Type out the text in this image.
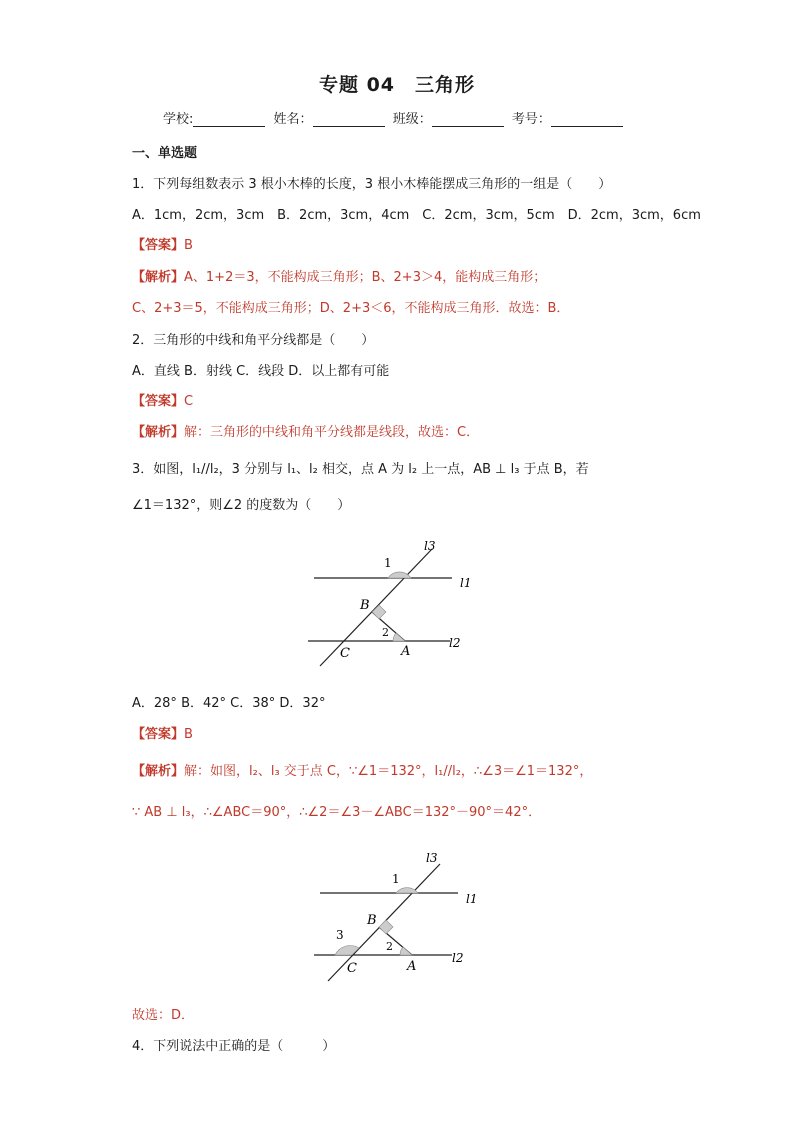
专题 04　三角形
学校:	姓名：	班级：	考号：
一、单选题
1．下列每组数表示 3 根小木棒的长度，3 根小木棒能摆成三角形的一组是（　　）
A．1cm，2cm，3cm　B．2cm，3cm，4cm　C．2cm，3cm，5cm　D．2cm，3cm，6cm
【答案】B
【解析】A、1+2＝3，不能构成三角形；B、2+3＞4，能构成三角形；
C、2+3＝5，不能构成三角形；D、2+3＜6，不能构成三角形．故选：B．
2．三角形的中线和角平分线都是（　　）
A．直线 B．射线 C．线段 D．以上都有可能
【答案】C
【解析】解：三角形的中线和角平分线都是线段，故选：C．
3．如图，l₁//l₂，3 分别与 l₁、l₂ 相交，点 A 为 l₂ 上一点，AB ⊥ l₃ 于点 B，若
∠1＝132°，则∠2 的度数为（　　）
l3
1
l1
B
2
l2
C	A
A．28° B．42° C．38° D．32°
【答案】B
【解析】解：如图，l₂、l₃ 交于点 C，∵∠1＝132°，l₁//l₂，∴∠3＝∠1＝132°，
∵ AB ⊥ l₃，∴∠ABC＝90°，∴∠2＝∠3－∠ABC＝132°－90°＝42°．
l3
1
l1
B
3
2
l2
C	A
故选：D．
4．下列说法中正确的是（　　　）
